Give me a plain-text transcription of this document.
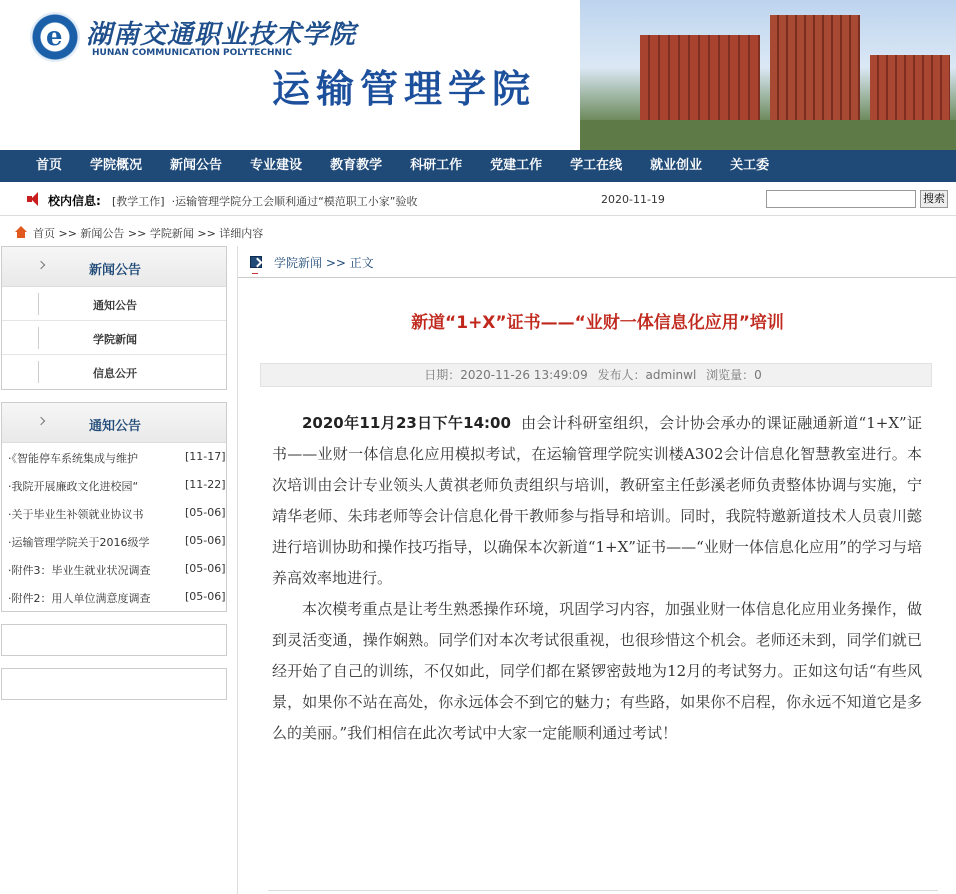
e 湖南交通职业技术学院
HUNAN COMMUNICATION POLYTECHNIC
运输管理学院
首页	学院概况	新闻公告	专业建设	教育教学	科研工作	党建工作	学工在线	就业创业	关工委
校内信息: [教学工作] ·运输管理学院分工会顺利通过“模范职工小家”验收	2020-11-19	搜索
首页 >> 新闻公告 >> 学院新闻 >> 详细内容
新闻公告
通知公告
学院新闻
信息公开
通知公告
·《智能停车系统集成与维护	[11-17]
·我院开展廉政文化进校园“	[11-22]
·关于毕业生补领就业协议书	[05-06]
·运输管理学院关于2016级学	[05-06]
·附件3：毕业生就业状况调查	[05-06]
·附件2：用人单位满意度调查	[05-06]
学院新闻 >> 正文
新道“1+X”证书——“业财一体信息化应用”培训
日期：2020-11-26 13:49:09 发布人：adminwl 浏览量：0

2020年11月23日下午14:00 由会计科研室组织，会计协会承办的课证融通新道“1+X”证书——业财一体信息化应用模拟考试，在运输管理学院实训楼A302会计信息化智慧教室进行。本次培训由会计专业领头人黄祺老师负责组织与培训，教研室主任彭溪老师负责整体协调与实施，宁靖华老师、朱玮老师等会计信息化骨干教师参与指导和培训。同时，我院特邀新道技术人员袁川懿进行培训协助和操作技巧指导，以确保本次新道“1+X”证书——“业财一体信息化应用”的学习与培养高效率地进行。

本次模考重点是让考生熟悉操作环境，巩固学习内容，加强业财一体信息化应用业务操作，做到灵活变通，操作娴熟。同学们对本次考试很重视，也很珍惜这个机会。老师还未到，同学们就已经开始了自己的训练，不仅如此，同学们都在紧锣密鼓地为12月的考试努力。正如这句话“有些风景，如果你不站在高处，你永远体会不到它的魅力；有些路，如果你不启程，你永远不知道它是多么的美丽。”我们相信在此次考试中大家一定能顺利通过考试！
